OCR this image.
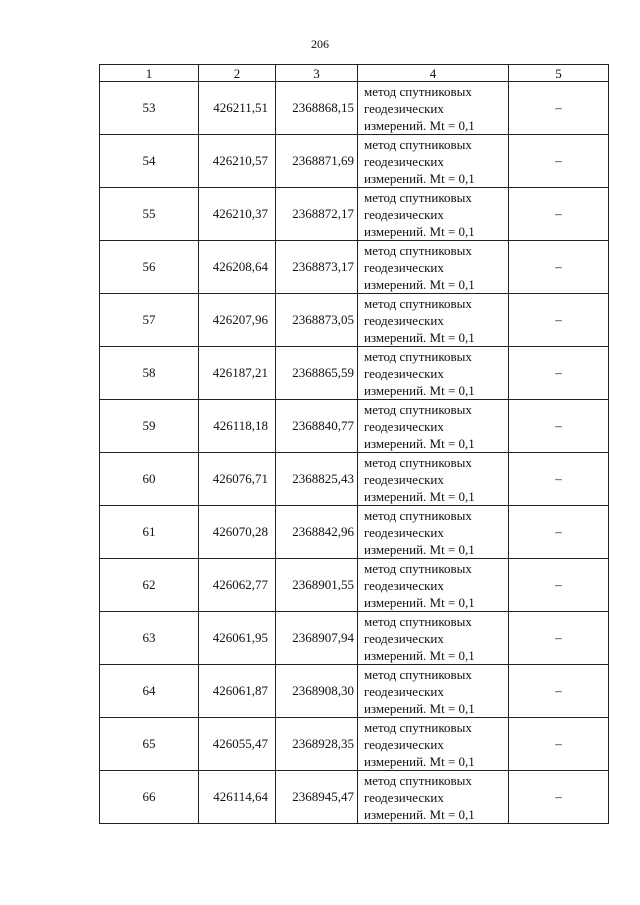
206
1	2	3	4	5
53	426211,51	2368868,15	метод спутниковых
геодезических
измерений. Mt = 0,1	–
54	426210,57	2368871,69	метод спутниковых
геодезических
измерений. Mt = 0,1	–
55	426210,37	2368872,17	метод спутниковых
геодезических
измерений. Mt = 0,1	–
56	426208,64	2368873,17	метод спутниковых
геодезических
измерений. Mt = 0,1	–
57	426207,96	2368873,05	метод спутниковых
геодезических
измерений. Mt = 0,1	–
58	426187,21	2368865,59	метод спутниковых
геодезических
измерений. Mt = 0,1	–
59	426118,18	2368840,77	метод спутниковых
геодезических
измерений. Mt = 0,1	–
60	426076,71	2368825,43	метод спутниковых
геодезических
измерений. Mt = 0,1	–
61	426070,28	2368842,96	метод спутниковых
геодезических
измерений. Mt = 0,1	–
62	426062,77	2368901,55	метод спутниковых
геодезических
измерений. Mt = 0,1	–
63	426061,95	2368907,94	метод спутниковых
геодезических
измерений. Mt = 0,1	–
64	426061,87	2368908,30	метод спутниковых
геодезических
измерений. Mt = 0,1	–
65	426055,47	2368928,35	метод спутниковых
геодезических
измерений. Mt = 0,1	–
66	426114,64	2368945,47	метод спутниковых
геодезических
измерений. Mt = 0,1	–
